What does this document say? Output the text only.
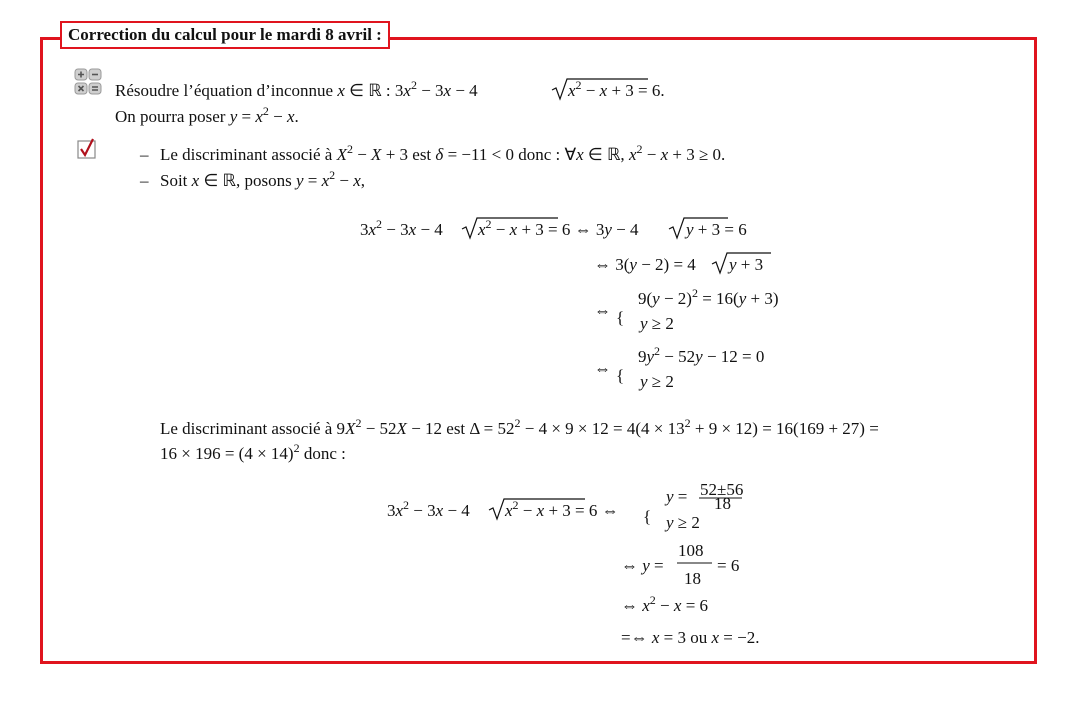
Correction du calcul pour le mardi 8 avril :
Résoudre l’équation d’inconnue x ∈ ℝ : $3x^2 - 3x - 4$
On pourra poser $y = x^2 - x$.
$x^2 - x + 3 = 6$.
– Le discriminant associé à $X^2 - X + 3$ est δ = −11 < 0 donc : ∀x ∈ ℝ, $x^2 - x + 3 \ge 0$.
– Soit x ∈ ℝ, posons $y = x^2 - x$,
$3x^2 - 3x - 4$ $x^2 - x + 3 = 6$ ⇔ 3y − 4	y + 3 = 6
⇔ 3(y − 2) = 4 y + 3
⇔ {
$9(y - 2)^2 = 16(y + 3)$
y ≥ 2
⇔ {
$9y^2 - 52y - 12 = 0$
y ≥ 2
Le discriminant associé à $9X^2 - 52X - 12$ est $\Delta = 52^2 - 4 \times 9 \times 12 = 4(4 \times 13^2 + 9 \times 12) = 16(169 + 27)$ =
$16 \times 196 = (4 \times 14)^2$ donc :
$3x^2 - 3x - 4$ $x^2 - x + 3 = 6$ ⇔ {
y = 52±56
18
y ≥ 2
⇔ y =
108
18
= 6
⇔ $x^2 - x = 6$
=⇔ x = 3 ou x = −2.
